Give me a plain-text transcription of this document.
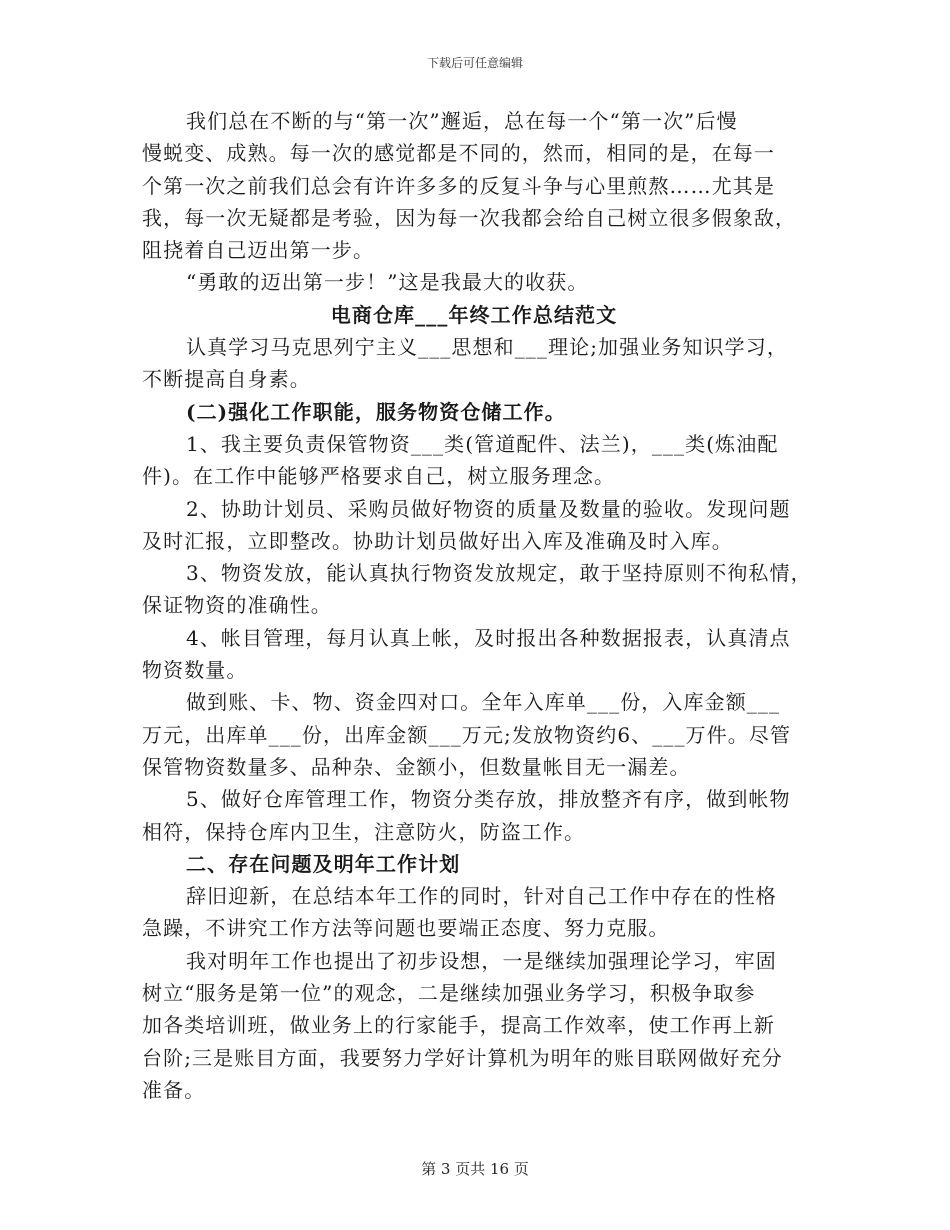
下载后可任意编辑
我们总在不断的与“第一次”邂逅，总在每一个“第一次”后慢
慢蜕变、成熟。每一次的感觉都是不同的，然而，相同的是，在每一
个第一次之前我们总会有许许多多的反复斗争与心里煎熬……尤其是
我，每一次无疑都是考验，因为每一次我都会给自己树立很多假象敌，
阻挠着自己迈出第一步。
“勇敢的迈出第一步！”这是我最大的收获。
电商仓库___年终工作总结范文
认真学习马克思列宁主义___思想和___理论;加强业务知识学习，
不断提高自身素。
(二)强化工作职能，服务物资仓储工作。
1、我主要负责保管物资___类(管道配件、法兰)，___类(炼油配
件)。在工作中能够严格要求自己，树立服务理念。
2、协助计划员、采购员做好物资的质量及数量的验收。发现问题
及时汇报，立即整改。协助计划员做好出入库及准确及时入库。
3、物资发放，能认真执行物资发放规定，敢于坚持原则不徇私情，
保证物资的准确性。
4、帐目管理，每月认真上帐，及时报出各种数据报表，认真清点
物资数量。
做到账、卡、物、资金四对口。全年入库单___份，入库金额___
万元，出库单___份，出库金额___万元;发放物资约6、___万件。尽管
保管物资数量多、品种杂、金额小，但数量帐目无一漏差。
5、做好仓库管理工作，物资分类存放，排放整齐有序，做到帐物
相符，保持仓库内卫生，注意防火，防盗工作。
二、存在问题及明年工作计划
辞旧迎新，在总结本年工作的同时，针对自己工作中存在的性格
急躁，不讲究工作方法等问题也要端正态度、努力克服。
我对明年工作也提出了初步设想，一是继续加强理论学习，牢固
树立“服务是第一位”的观念，二是继续加强业务学习，积极争取参
加各类培训班，做业务上的行家能手，提高工作效率，使工作再上新
台阶;三是账目方面，我要努力学好计算机为明年的账目联网做好充分
准备。
第 3 页共 16 页
